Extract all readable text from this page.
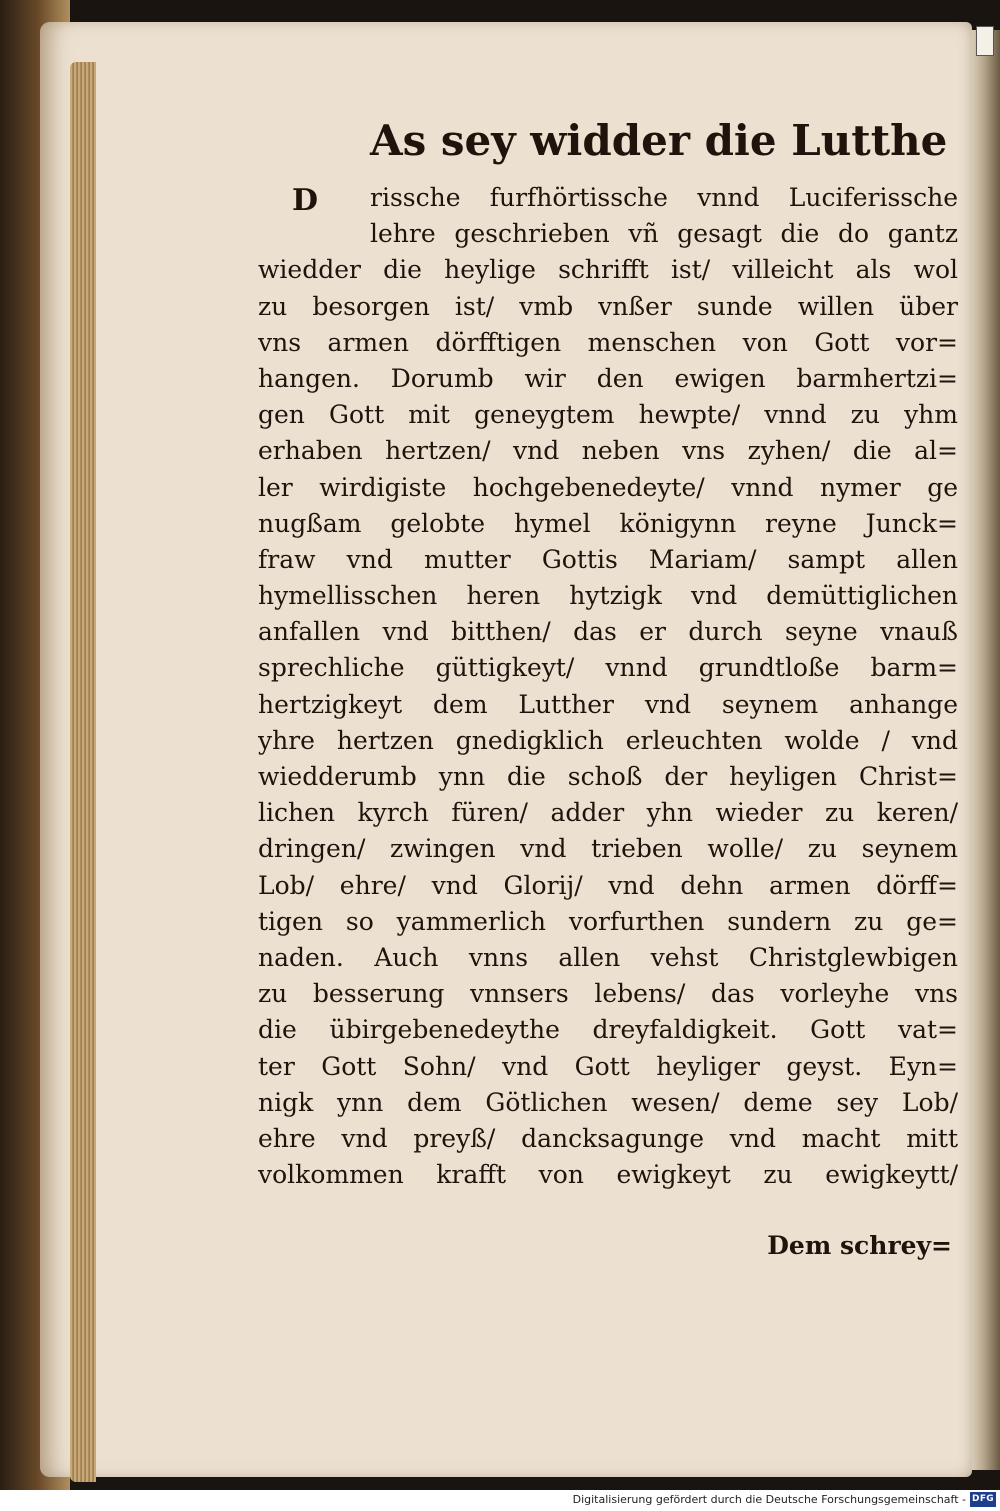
As sey widder die Lutthe
D	rissche furfhörtissche vnnd Luciferissche
lehre geschrieben vñ gesagt die do gantz
wiedder die heylige schrifft ist/ villeicht als wol
zu besorgen ist/ vmb vnßer sunde willen über
vns armen dörfftigen menschen von Gott vor=
hangen. Dorumb wir den ewigen barmhertzi=
gen Gott mit geneygtem hewpte/ vnnd zu yhm
erhaben hertzen/ vnd neben vns zyhen/ die al=
ler wirdigiste hochgebenedeyte/ vnnd nymer ge
nugßam gelobte hymel königynn reyne Junck=
fraw vnd mutter Gottis Mariam/ sampt allen
hymellisschen heren hytzigk vnd demüttiglichen
anfallen vnd bitthen/ das er durch seyne vnauß
sprechliche güttigkeyt/ vnnd grundtloße barm=
hertzigkeyt dem Lutther vnd seynem anhange
yhre hertzen gnedigklich erleuchten wolde / vnd
wiedderumb ynn die schoß der heyligen Christ=
lichen kyrch füren/ adder yhn wieder zu keren/
dringen/ zwingen vnd trieben wolle/ zu seynem
Lob/ ehre/ vnd Glorij/ vnd dehn armen dörff=
tigen so yammerlich vorfurthen sundern zu ge=
naden. Auch vnns allen vehst Christglewbigen
zu besserung vnnsers lebens/ das vorleyhe vns
die übirgebenedeythe dreyfaldigkeit. Gott vat=
ter Gott Sohn/ vnd Gott heyliger geyst. Eyn=
nigk ynn dem Götlichen wesen/ deme sey Lob/
ehre vnd preyß/ dancksagunge vnd macht mitt
volkommen krafft von ewigkeyt zu ewigkeytt/
Dem schrey=
Digitalisierung gefördert durch die Deutsche Forschungsgemeinschaft - DFG
